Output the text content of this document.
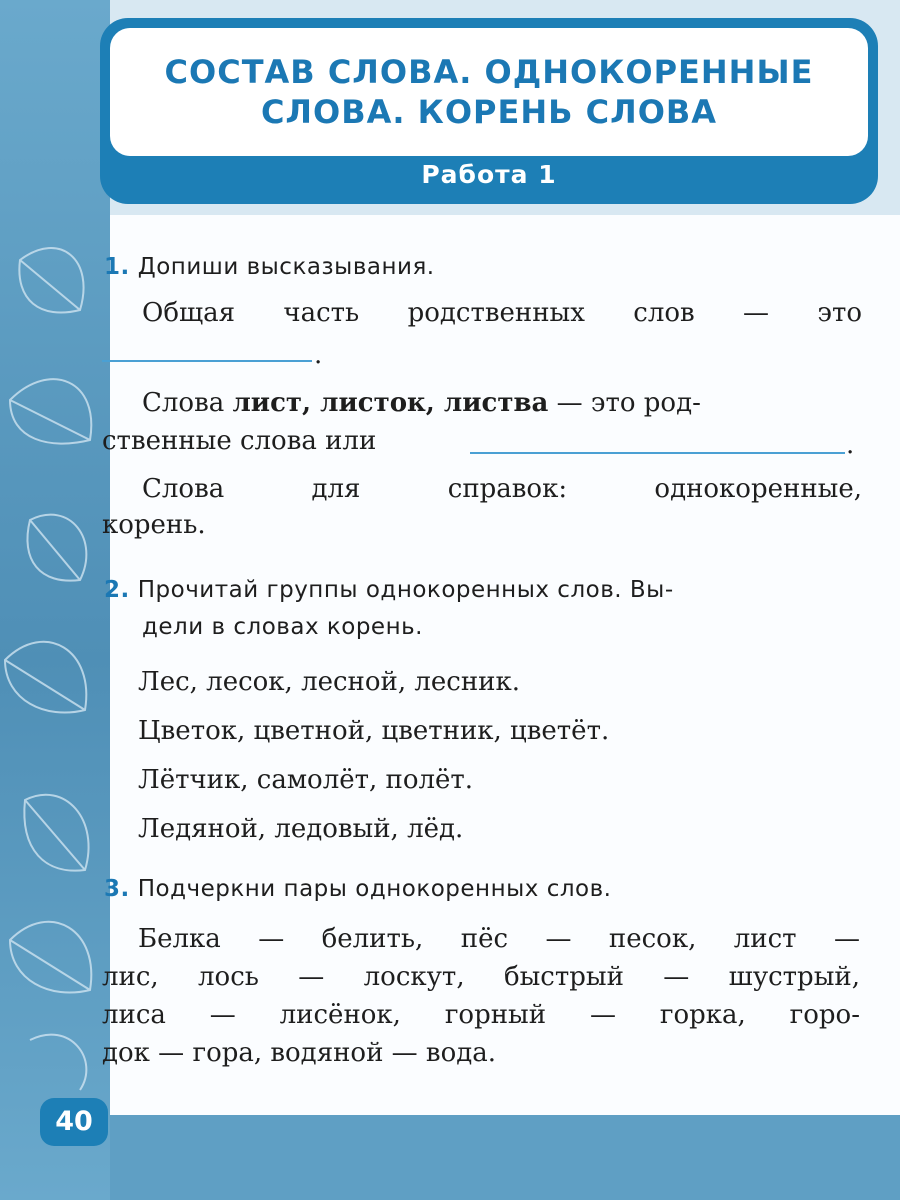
СОСТАВ СЛОВА. ОДНОКОРЕННЫЕ
СЛОВА. КОРЕНЬ СЛОВА
Работа 1
1. Допиши высказывания.
Общая часть родственных слов — это
.
Слова лист, листок, листва — это род-
ственные слова или	.
Слова для справок: однокоренные,
корень.
2. Прочитай группы однокоренных слов. Вы-
дели в словах корень.
Лес, лесок, лесной, лесник.
Цветок, цветной, цветник, цветёт.
Лётчик, самолёт, полёт.
Ледяной, ледовый, лёд.
3. Подчеркни пары однокоренных слов.
Белка — белить, пёс — песок, лист —
лис, лось — лоскут, быстрый — шустрый,
лиса — лисёнок, горный — горка, горо-
док — гора, водяной — вода.
40
